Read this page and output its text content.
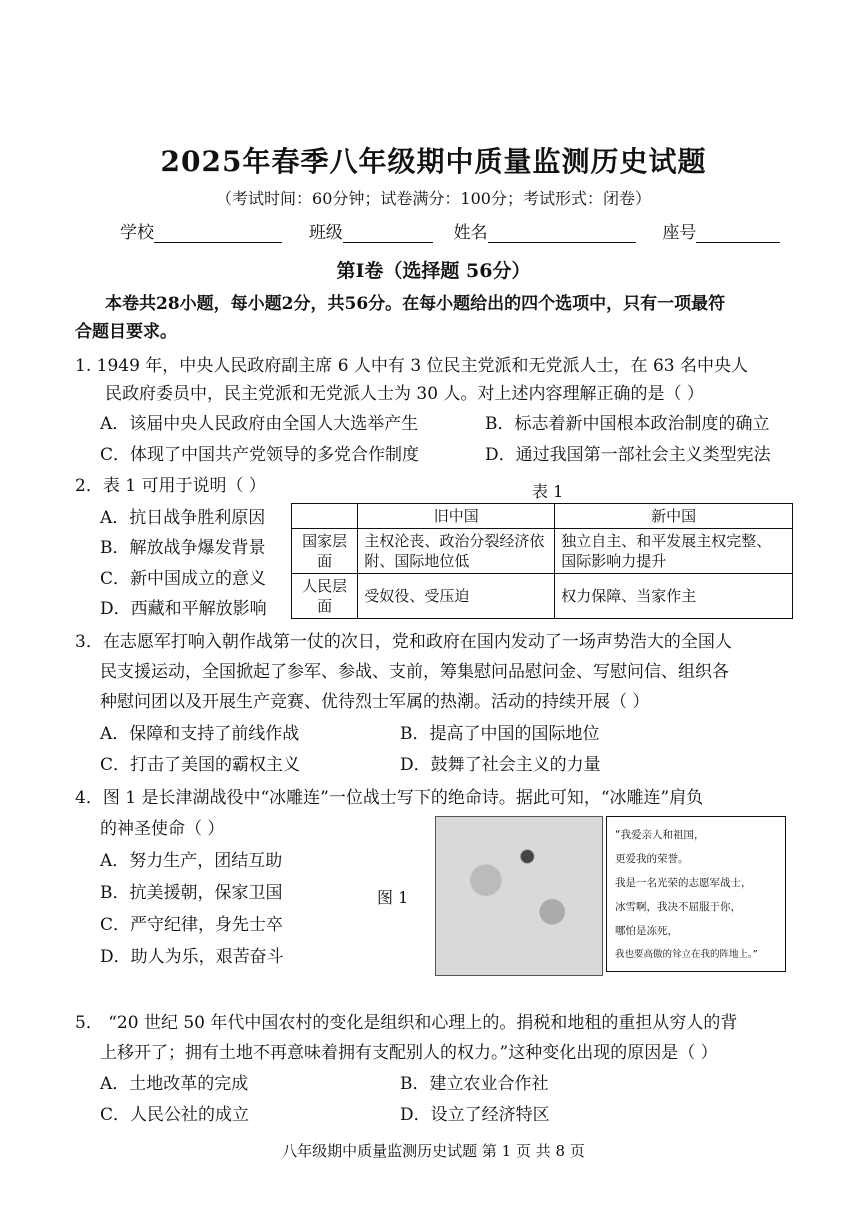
2025年春季八年级期中质量监测历史试题
（考试时间：60分钟；试卷满分：100分；考试形式：闭卷）
学校	班级	姓名	座号
第Ⅰ卷（选择题 56分）
本卷共28小题，每小题2分，共56分。在每小题给出的四个选项中，只有一项最符
合题目要求。
1. 1949 年，中央人民政府副主席 6 人中有 3 位民主党派和无党派人士，在 63 名中央人
民政府委员中，民主党派和无党派人士为 30 人。对上述内容理解正确的是（ ）
A．该届中央人民政府由全国人大选举产生	B．标志着新中国根本政治制度的确立
C．体现了中国共产党领导的多党合作制度	D．通过我国第一部社会主义类型宪法
2．表 1 可用于说明（ ）	表 1
A．抗日战争胜利原因
B．解放战争爆发背景
C．新中国成立的意义
D．西藏和平解放影响
	旧中国	新中国
国家层面	主权沦丧、政治分裂经济依附、国际地位低	独立自主、和平发展主权完整、国际影响力提升
人民层面	受奴役、受压迫	权力保障、当家作主
3．在志愿军打响入朝作战第一仗的次日，党和政府在国内发动了一场声势浩大的全国人
民支援运动，全国掀起了参军、参战、支前，筹集慰问品慰问金、写慰问信、组织各
种慰问团以及开展生产竞赛、优待烈士军属的热潮。活动的持续开展（ ）
A．保障和支持了前线作战	B．提高了中国的国际地位
C．打击了美国的霸权主义	D．鼓舞了社会主义的力量
4．图 1 是长津湖战役中“冰雕连”一位战士写下的绝命诗。据此可知，“冰雕连”肩负
的神圣使命（ ）
A．努力生产，团结互助
B．抗美援朝，保家卫国
C．严守纪律，身先士卒
D．助人为乐，艰苦奋斗
图 1
“我爱亲人和祖国，
更爱我的荣誉。
我是一名光荣的志愿军战士，
冰雪啊，我决不屈服于你，
哪怕是冻死，
我也要高傲的耸立在我的阵地上。”
5． “20 世纪 50 年代中国农村的变化是组织和心理上的。捐税和地租的重担从穷人的背
上移开了；拥有土地不再意味着拥有支配别人的权力。”这种变化出现的原因是（ ）
A．土地改革的完成	B．建立农业合作社
C．人民公社的成立	D．设立了经济特区
八年级期中质量监测历史试题 第 1 页 共 8 页
